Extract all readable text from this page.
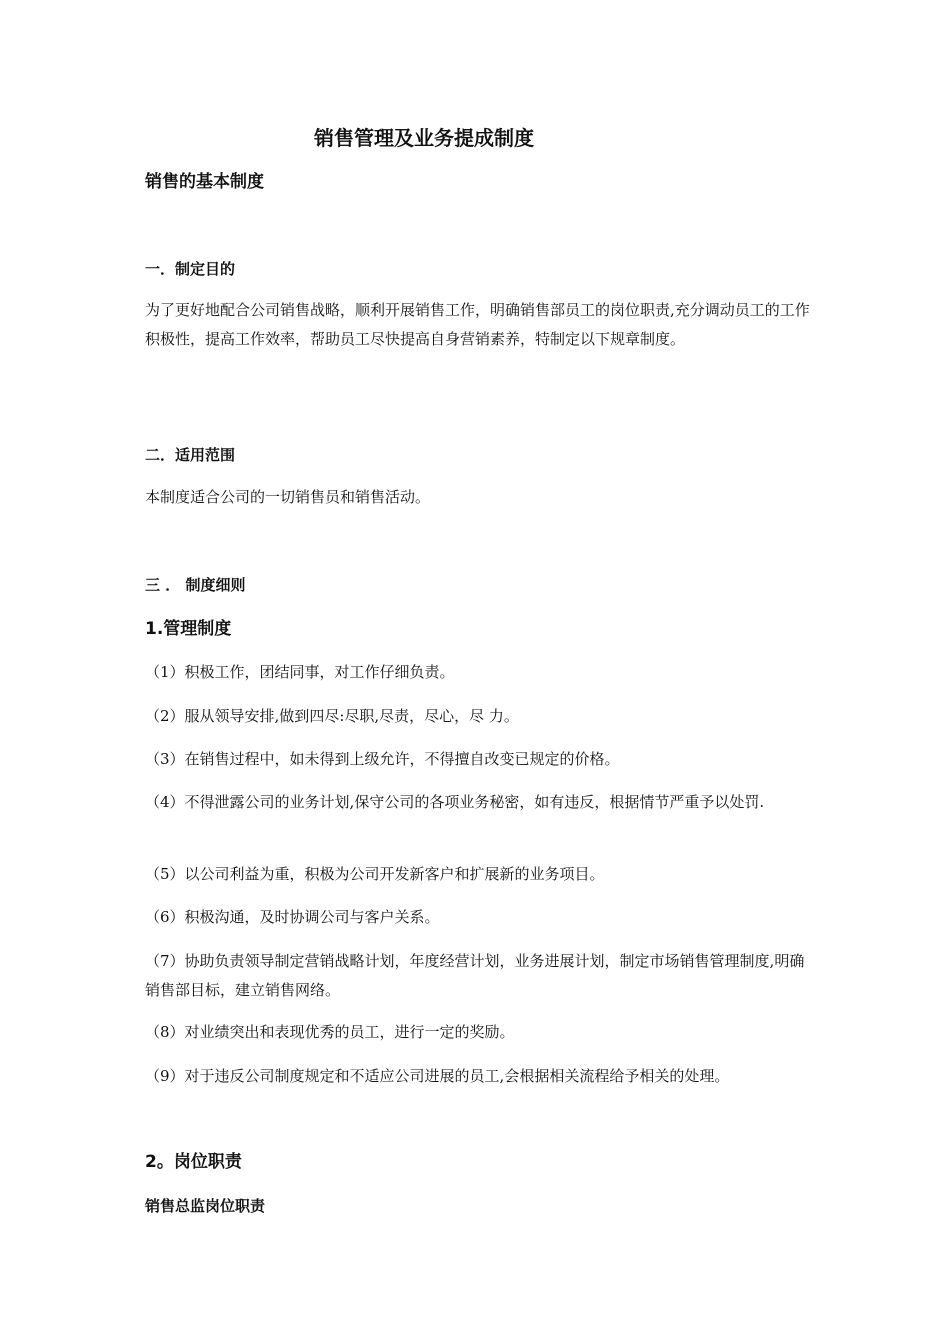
销售管理及业务提成制度
销售的基本制度
一．制定目的

为了更好地配合公司销售战略，顺利开展销售工作，明确销售部员工的岗位职责,充分调动员工的工作积极性，提高工作效率，帮助员工尽快提高自身营销素养，特制定以下规章制度。

二．适用范围

本制度适合公司的一切销售员和销售活动。

三 ． 制度细则
1.管理制度

（1）积极工作，团结同事，对工作仔细负责。

（2）服从领导安排,做到四尽:尽职,尽责，尽心，尽 力。

（3）在销售过程中，如未得到上级允许，不得擅自改变已规定的价格。

（4）不得泄露公司的业务计划,保守公司的各项业务秘密，如有违反，根据情节严重予以处罚.

（5）以公司利益为重，积极为公司开发新客户和扩展新的业务项目。

（6）积极沟通，及时协调公司与客户关系。

（7）协助负责领导制定营销战略计划，年度经营计划，业务进展计划，制定市场销售管理制度,明确销售部目标，建立销售网络。

（8）对业绩突出和表现优秀的员工，进行一定的奖励。

（9）对于违反公司制度规定和不适应公司进展的员工,会根据相关流程给予相关的处理。

2。岗位职责
销售总监岗位职责
